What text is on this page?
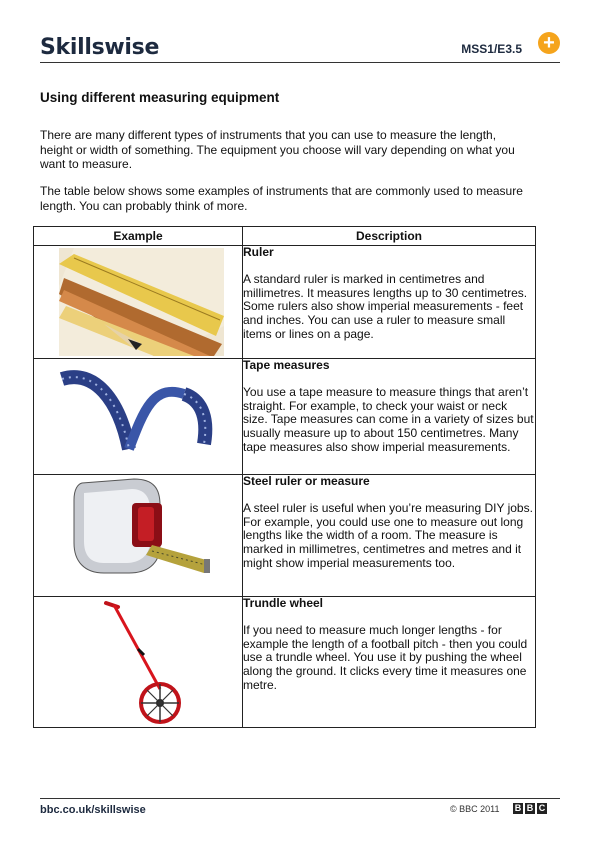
Skillswise	MSS1/E3.5 +
Using different measuring equipment
There are many different types of instruments that you can use to measure the length, height or width of something. The equipment you choose will vary depending on what you want to measure.
The table below shows some examples of instruments that are commonly used to measure length. You can probably think of more.
Example	Description

Ruler
A standard ruler is marked in centimetres and millimetres. It measures lengths up to 30 centimetres. Some rulers also show imperial measurements - feet and inches. You can use a ruler to measure small items or lines on a page.

Tape measures
You use a tape measure to measure things that aren’t straight. For example, to check your waist or neck size. Tape measures can come in a variety of sizes but usually measure up to about 150 centimetres. Many tape measures also show imperial measurements.

Steel ruler or measure
A steel ruler is useful when you’re measuring DIY jobs. For example, you could use one to measure out long lengths like the width of a room. The measure is marked in millimetres, centimetres and metres and it might show imperial measurements too.

Trundle wheel
If you need to measure much longer lengths - for example the length of a football pitch - then you could use a trundle wheel. You use it by pushing the wheel along the ground. It clicks every time it measures one metre.
bbc.co.uk/skillswise	© BBC 2011 B B C
